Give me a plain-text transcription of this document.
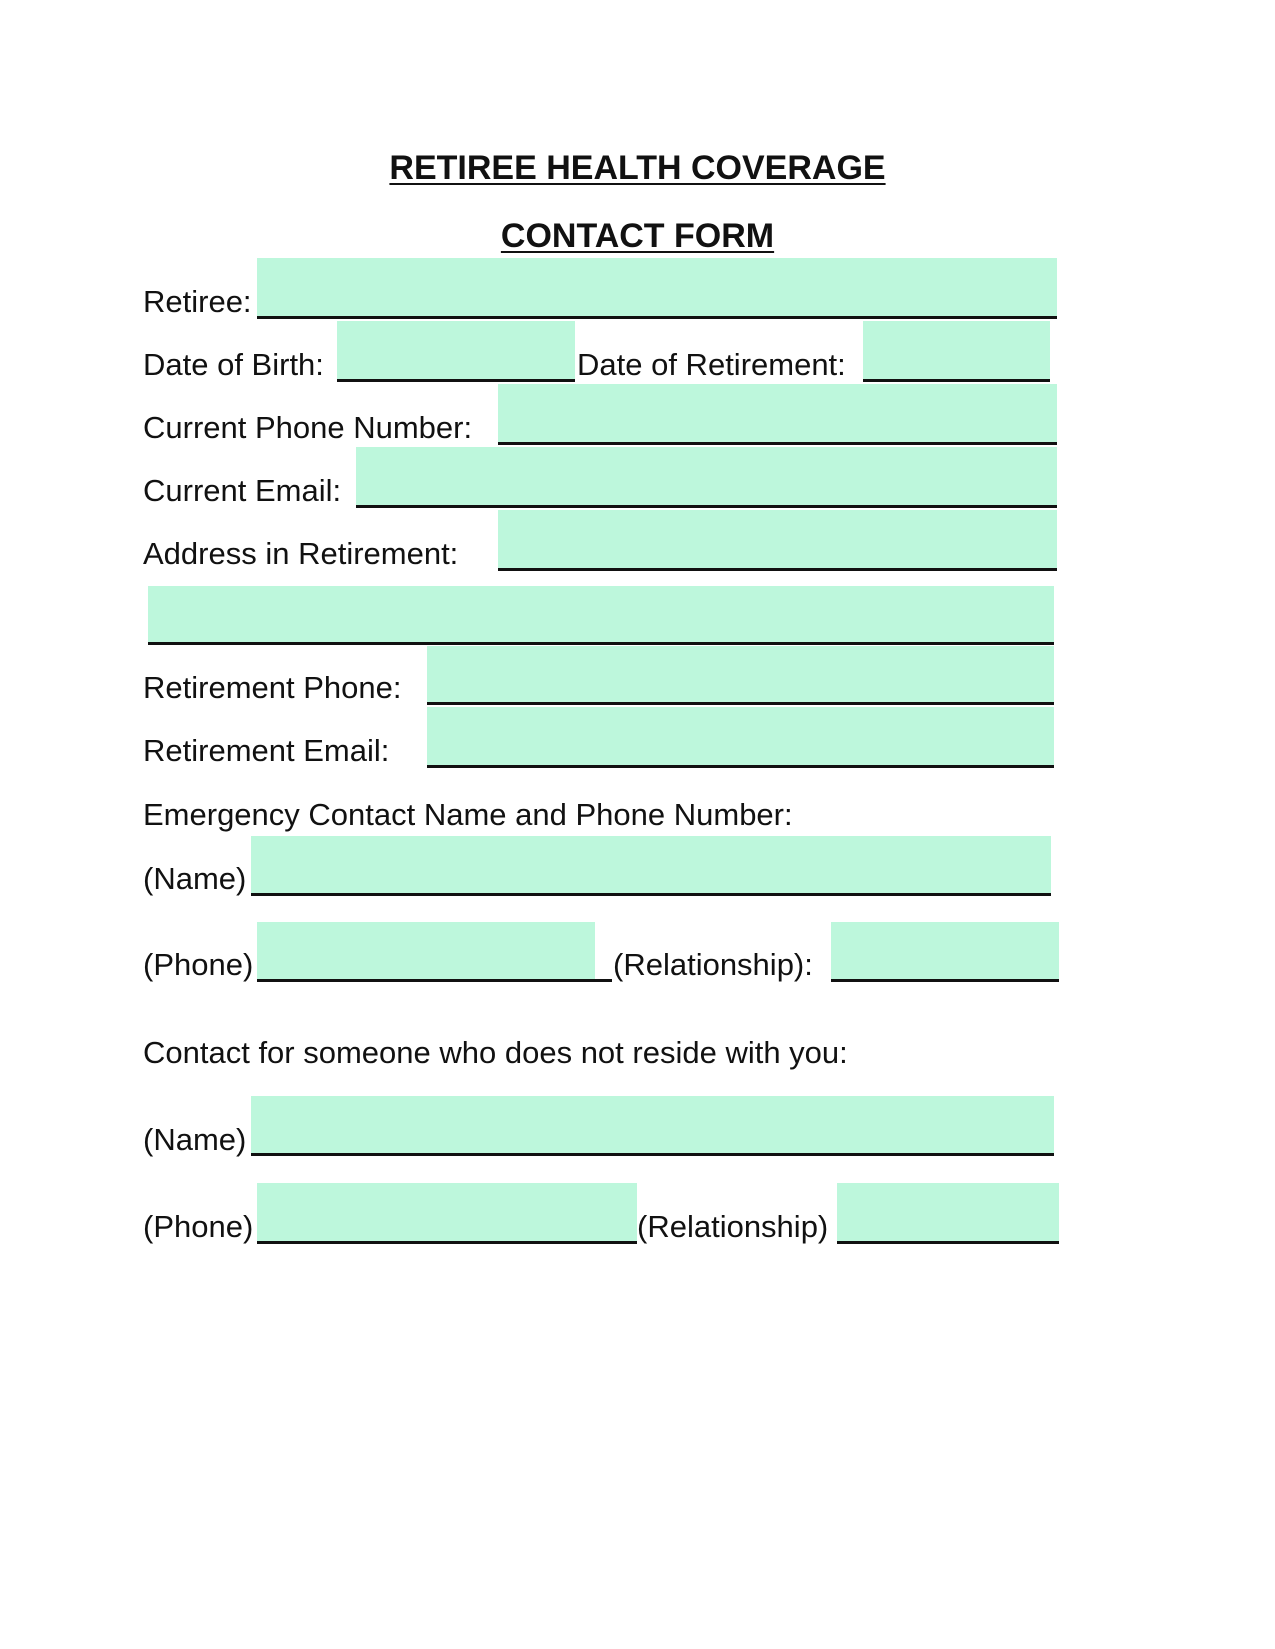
RETIREE HEALTH COVERAGE
CONTACT FORM
Retiree:
Date of Birth:	Date of Retirement:
Current Phone Number:
Current Email:
Address in Retirement:
Retirement Phone:
Retirement Email:
Emergency Contact Name and Phone Number:
(Name)
(Phone)	(Relationship):
Contact for someone who does not reside with you:
(Name)
(Phone)	(Relationship)
